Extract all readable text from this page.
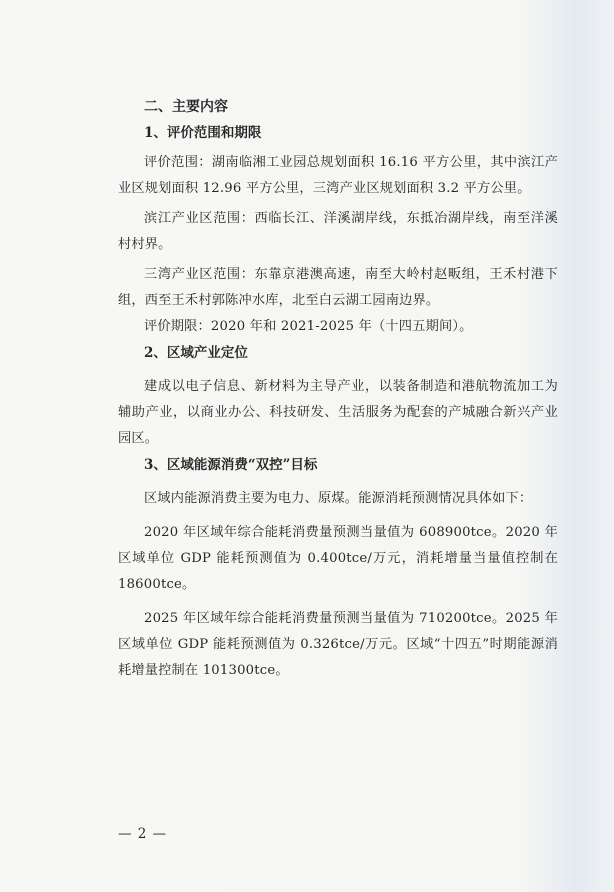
二、主要内容
1、评价范围和期限

评价范围：湖南临湘工业园总规划面积 16.16 平方公里，其中滨江产业区规划面积 12.96 平方公里，三湾产业区规划面积 3.2 平方公里。

滨江产业区范围：西临长江、洋溪湖岸线，东抵冶湖岸线，南至洋溪村村界。

三湾产业区范围：东靠京港澳高速，南至大岭村赵畈组，王禾村港下组，西至王禾村郭陈冲水库，北至白云湖工园南边界。

评价期限：2020 年和 2021-2025 年（十四五期间）。

2、区域产业定位

建成以电子信息、新材料为主导产业，以装备制造和港航物流加工为辅助产业，以商业办公、科技研发、生活服务为配套的产城融合新兴产业园区。

3、区域能源消费“双控”目标

区域内能源消费主要为电力、原煤。能源消耗预测情况具体如下：

2020 年区域年综合能耗消费量预测当量值为 608900tce。2020 年区域单位 GDP 能耗预测值为 0.400tce/万元，消耗增量当量值控制在 18600tce。

2025 年区域年综合能耗消费量预测当量值为 710200tce。2025 年区域单位 GDP 能耗预测值为 0.326tce/万元。区域“十四五”时期能源消耗增量控制在 101300tce。

— 2 —
